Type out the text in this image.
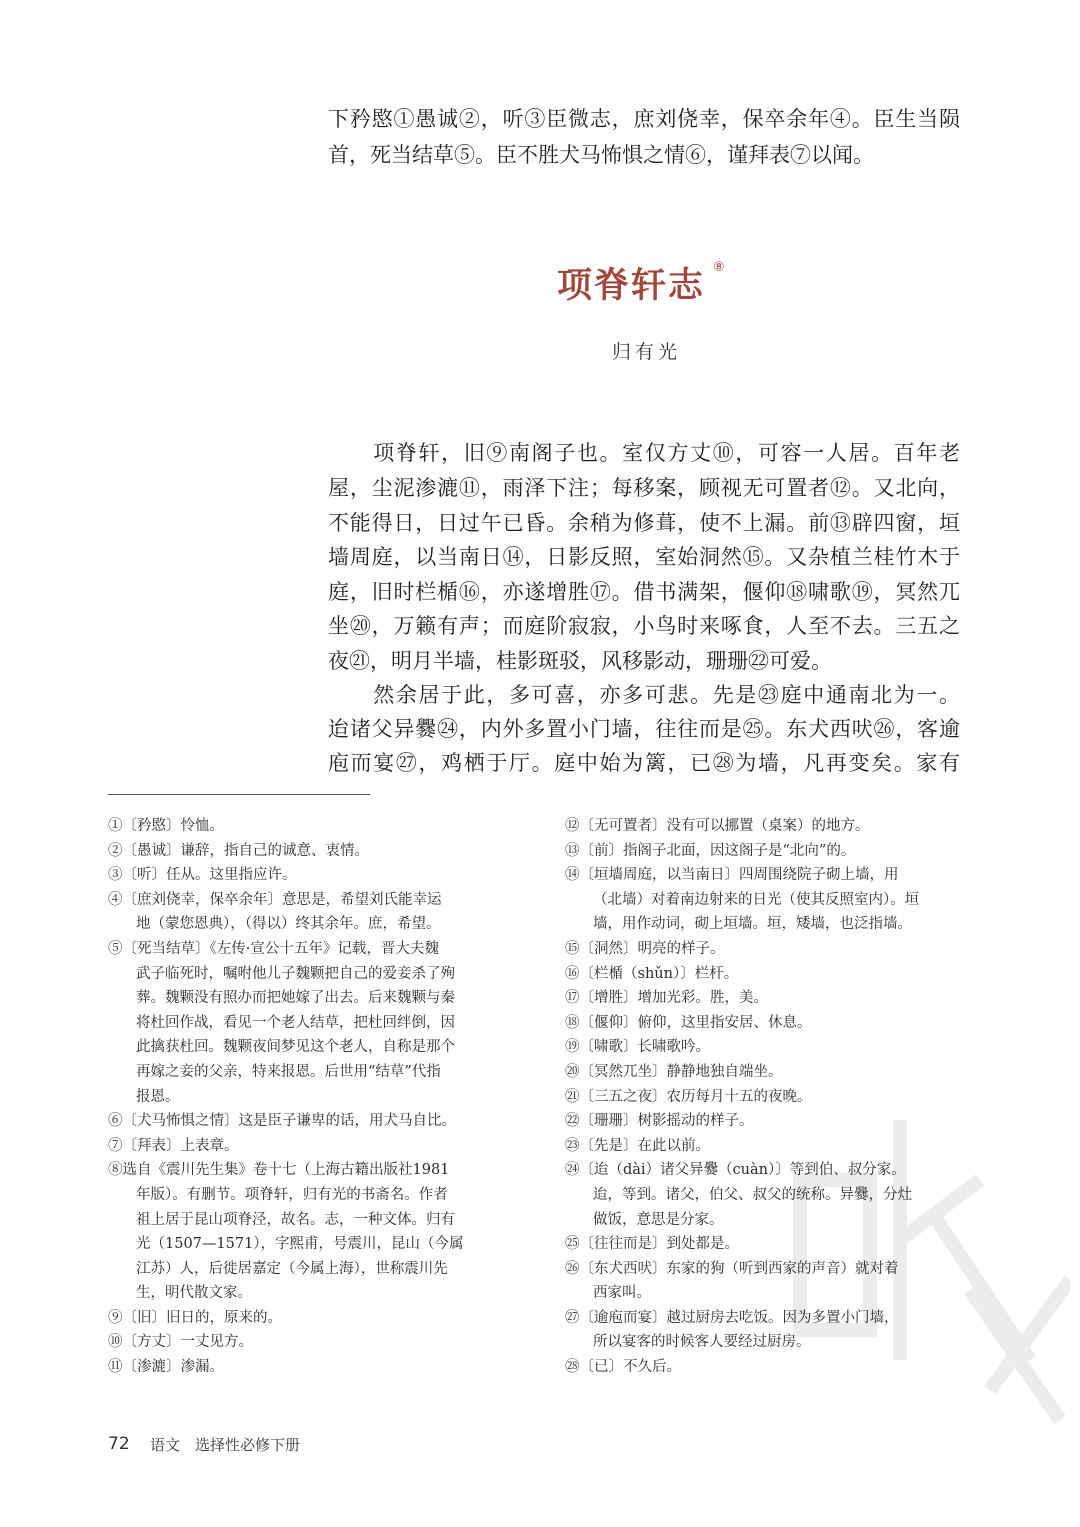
下矜愍①愚诚②，听③臣微志，庶刘侥幸，保卒余年④。臣生当陨
首，死当结草⑤。臣不胜犬马怖惧之情⑥，谨拜表⑦以闻。
项脊轩志 ⑧
归有光
　　项脊轩，旧⑨南阁子也。室仅方丈⑩，可容一人居。百年老
屋，尘泥渗漉⑪，雨泽下注；每移案，顾视无可置者⑫。又北向，
不能得日，日过午已昏。余稍为修葺，使不上漏。前⑬辟四窗，垣
墙周庭，以当南日⑭，日影反照，室始洞然⑮。又杂植兰桂竹木于
庭，旧时栏楯⑯，亦遂增胜⑰。借书满架，偃仰⑱啸歌⑲，冥然兀
坐⑳，万籁有声；而庭阶寂寂，小鸟时来啄食，人至不去。三五之
夜㉑，明月半墙，桂影斑驳，风移影动，珊珊㉒可爱。
　　然余居于此，多可喜，亦多可悲。先是㉓庭中通南北为一。
迨诸父异爨㉔，内外多置小门墙，往往而是㉕。东犬西吠㉖，客逾
庖而宴㉗，鸡栖于厅。庭中始为篱，已㉘为墙，凡再变矣。家有
①〔矜愍〕怜恤。
②〔愚诚〕谦辞，指自己的诚意、衷情。
③〔听〕任从。这里指应许。
④〔庶刘侥幸，保卒余年〕意思是，希望刘氏能幸运
地（蒙您恩典），（得以）终其余年。庶，希望。
⑤〔死当结草〕《左传·宣公十五年》记载，晋大夫魏
武子临死时，嘱咐他儿子魏颗把自己的爱妾杀了殉
葬。魏颗没有照办而把她嫁了出去。后来魏颗与秦
将杜回作战，看见一个老人结草，把杜回绊倒，因
此擒获杜回。魏颗夜间梦见这个老人，自称是那个
再嫁之妾的父亲，特来报恩。后世用“结草”代指
报恩。
⑥〔犬马怖惧之情〕这是臣子谦卑的话，用犬马自比。
⑦〔拜表〕上表章。
⑧选自《震川先生集》卷十七（上海古籍出版社1981
年版）。有删节。项脊轩，归有光的书斋名。作者
祖上居于昆山项脊泾，故名。志，一种文体。归有
光（1507—1571），字熙甫，号震川，昆山（今属
江苏）人，后徙居嘉定（今属上海），世称震川先
生，明代散文家。
⑨〔旧〕旧日的，原来的。
⑩〔方丈〕一丈见方。
⑪〔渗漉〕渗漏。
⑫〔无可置者〕没有可以挪置（桌案）的地方。
⑬〔前〕指阁子北面，因这阁子是“北向”的。
⑭〔垣墙周庭，以当南日〕四周围绕院子砌上墙，用
（北墙）对着南边射来的日光（使其反照室内）。垣
墙，用作动词，砌上垣墙。垣，矮墙，也泛指墙。
⑮〔洞然〕明亮的样子。
⑯〔栏楯（shǔn）〕栏杆。
⑰〔增胜〕增加光彩。胜，美。
⑱〔偃仰〕俯仰，这里指安居、休息。
⑲〔啸歌〕长啸歌吟。
⑳〔冥然兀坐〕静静地独自端坐。
㉑〔三五之夜〕农历每月十五的夜晚。
㉒〔珊珊〕树影摇动的样子。
㉓〔先是〕在此以前。
㉔〔迨（dài）诸父异爨（cuàn）〕等到伯、叔分家。
迨，等到。诸父，伯父、叔父的统称。异爨，分灶
做饭，意思是分家。
㉕〔往往而是〕到处都是。
㉖〔东犬西吠〕东家的狗（听到西家的声音）就对着
西家叫。
㉗〔逾庖而宴〕越过厨房去吃饭。因为多置小门墙，
所以宴客的时候客人要经过厨房。
㉘〔已〕不久后。
72 语文　选择性必修下册
